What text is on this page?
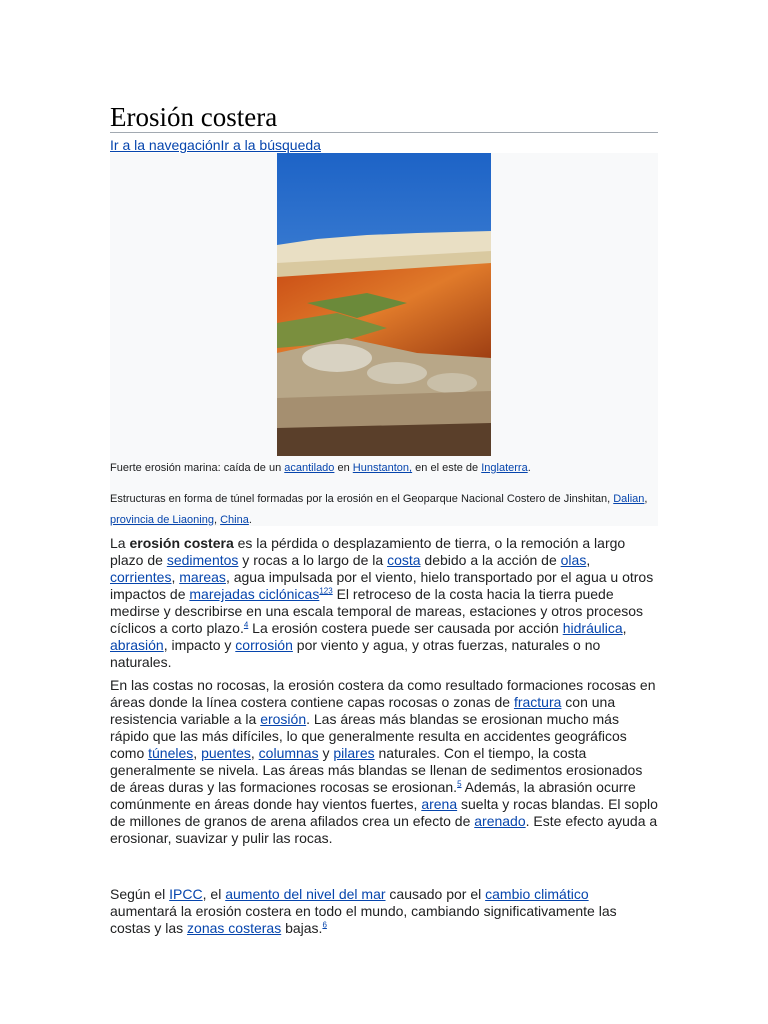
Erosión costera
Ir a la navegaciónIr a la búsqueda
Fuerte erosión marina: caída de un acantilado en Hunstanton, en el este de Inglaterra.
Estructuras en forma de túnel formadas por la erosión en el Geoparque Nacional Costero de Jinshitan, Dalian, provincia de Liaoning, China.

La erosión costera es la pérdida o desplazamiento de tierra, o la remoción a largo plazo de sedimentos y rocas a lo largo de la costa debido a la acción de olas, corrientes, mareas, agua impulsada por el viento, hielo transportado por el agua u otros impactos de marejadas ciclónicas$^{123}$ El retroceso de la costa hacia la tierra puede medirse y describirse en una escala temporal de mareas, estaciones y otros procesos cíclicos a corto plazo.$^4$ La erosión costera puede ser causada por acción hidráulica, abrasión, impacto y corrosión por viento y agua, y otras fuerzas, naturales o no naturales.

En las costas no rocosas, la erosión costera da como resultado formaciones rocosas en áreas donde la línea costera contiene capas rocosas o zonas de fractura con una resistencia variable a la erosión. Las áreas más blandas se erosionan mucho más rápido que las más difíciles, lo que generalmente resulta en accidentes geográficos como túneles, puentes, columnas y pilares naturales. Con el tiempo, la costa generalmente se nivela. Las áreas más blandas se llenan de sedimentos erosionados de áreas duras y las formaciones rocosas se erosionan.$^5$ Además, la abrasión ocurre comúnmente en áreas donde hay vientos fuertes, arena suelta y rocas blandas. El soplo de millones de granos de arena afilados crea un efecto de arenado. Este efecto ayuda a erosionar, suavizar y pulir las rocas.

Según el IPCC, el aumento del nivel del mar causado por el cambio climático aumentará la erosión costera en todo el mundo, cambiando significativamente las costas y las zonas costeras bajas.$^6$
